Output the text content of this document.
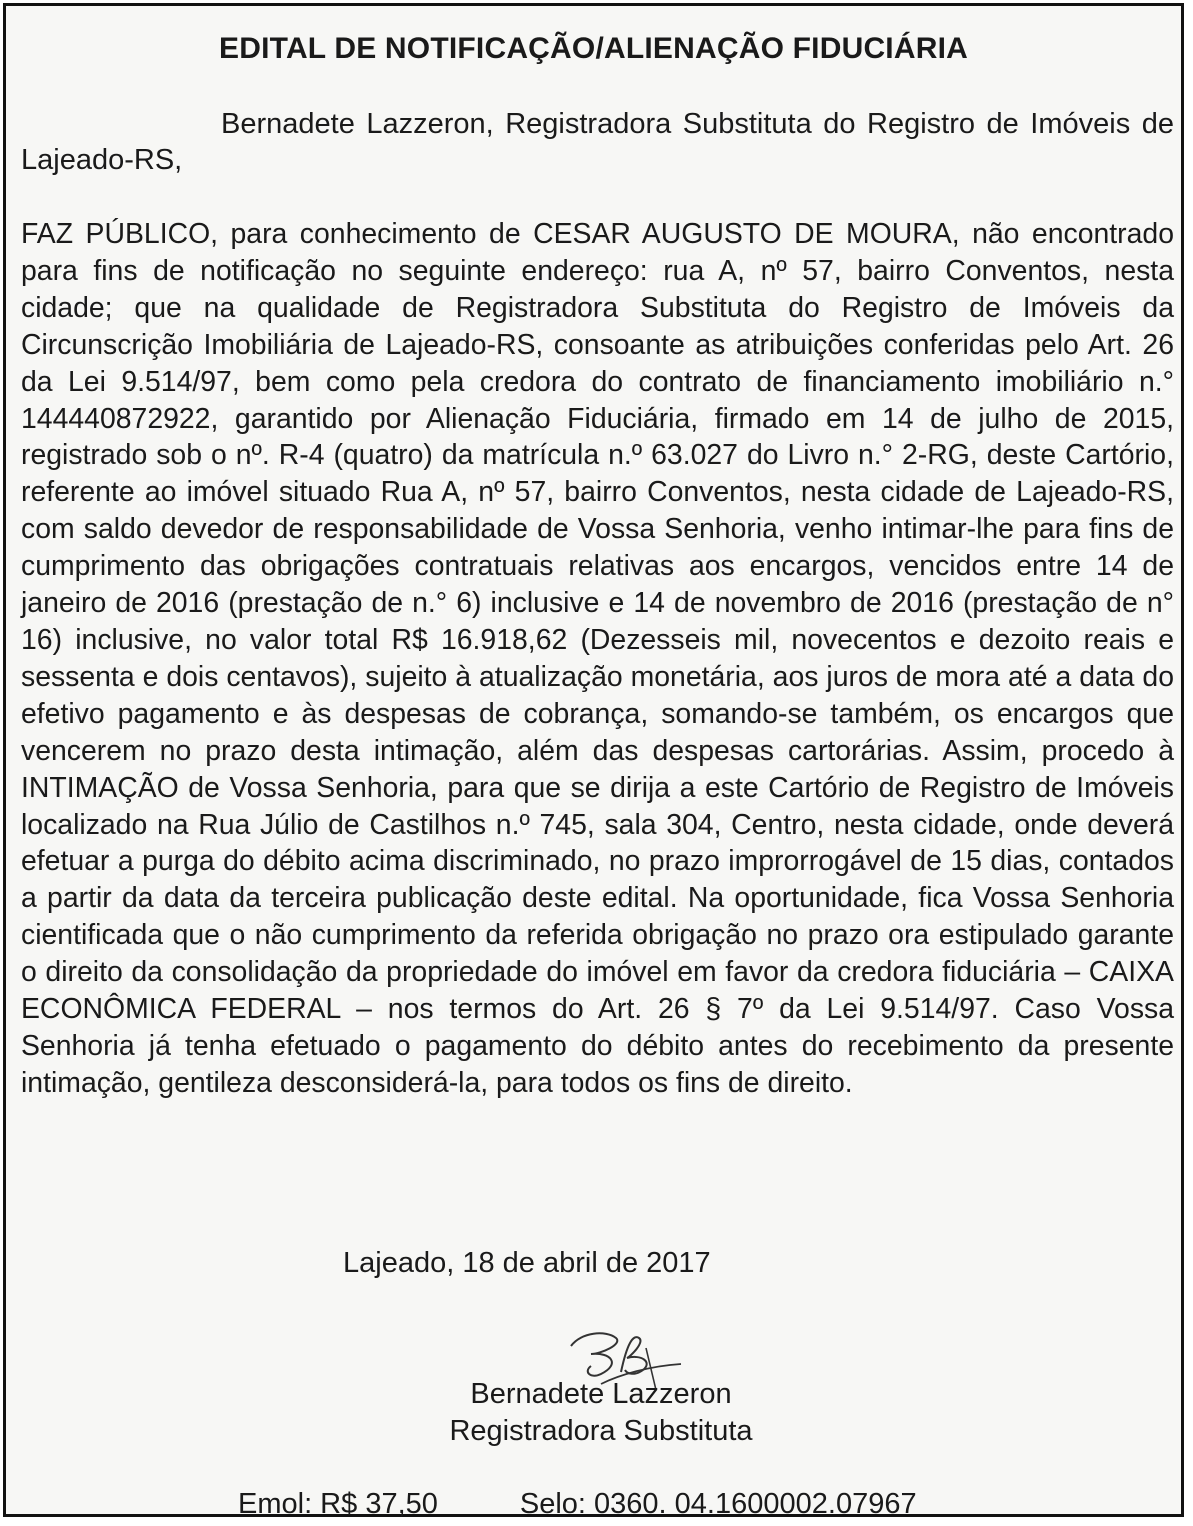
EDITAL DE NOTIFICAÇÃO/ALIENAÇÃO FIDUCIÁRIA

Bernadete Lazzeron, Registradora Substituta do Registro de Imóveis de Lajeado-RS,

FAZ PÚBLICO, para conhecimento de CESAR AUGUSTO DE MOURA, não encontrado para fins de notificação no seguinte endereço: rua A, nº 57, bairro Conventos, nesta cidade; que na qualidade de Registradora Substituta do Registro de Imóveis da Circunscrição Imobiliária de Lajeado-RS, consoante as atribuições conferidas pelo Art. 26 da Lei 9.514/97, bem como pela credora do contrato de financiamento imobiliário n.° 144440872922, garantido por Alienação Fiduciária, firmado em 14 de julho de 2015, registrado sob o nº. R-4 (quatro) da matrícula n.º 63.027 do Livro n.° 2-RG, deste Cartório, referente ao imóvel situado Rua A, nº 57, bairro Conventos, nesta cidade de Lajeado-RS, com saldo devedor de responsabilidade de Vossa Senhoria, venho intimar-lhe para fins de cumprimento das obrigações contratuais relativas aos encargos, vencidos entre 14 de janeiro de 2016 (prestação de n.° 6) inclusive e 14 de novembro de 2016 (prestação de n° 16) inclusive, no valor total R$ 16.918,62 (Dezesseis mil, novecentos e dezoito reais e sessenta e dois centavos), sujeito à atualização monetária, aos juros de mora até a data do efetivo pagamento e às despesas de cobrança, somando-se também, os encargos que vencerem no prazo desta intimação, além das despesas cartorárias. Assim, procedo à INTIMAÇÃO de Vossa Senhoria, para que se dirija a este Cartório de Registro de Imóveis localizado na Rua Júlio de Castilhos n.º 745, sala 304, Centro, nesta cidade, onde deverá efetuar a purga do débito acima discriminado, no prazo improrrogável de 15 dias, contados a partir da data da terceira publicação deste edital. Na oportunidade, fica Vossa Senhoria cientificada que o não cumprimento da referida obrigação no prazo ora estipulado garante o direito da consolidação da propriedade do imóvel em favor da credora fiduciária – CAIXA ECONÔMICA FEDERAL – nos termos do Art. 26 § 7º da Lei 9.514/97. Caso Vossa Senhoria já tenha efetuado o pagamento do débito antes do recebimento da presente intimação, gentileza desconsiderá-la, para todos os fins de direito.

Lajeado, 18 de abril de 2017

Bernadete Lazzeron
Registradora Substituta

Emol: R$ 37,50	Selo: 0360. 04.1600002.07967
